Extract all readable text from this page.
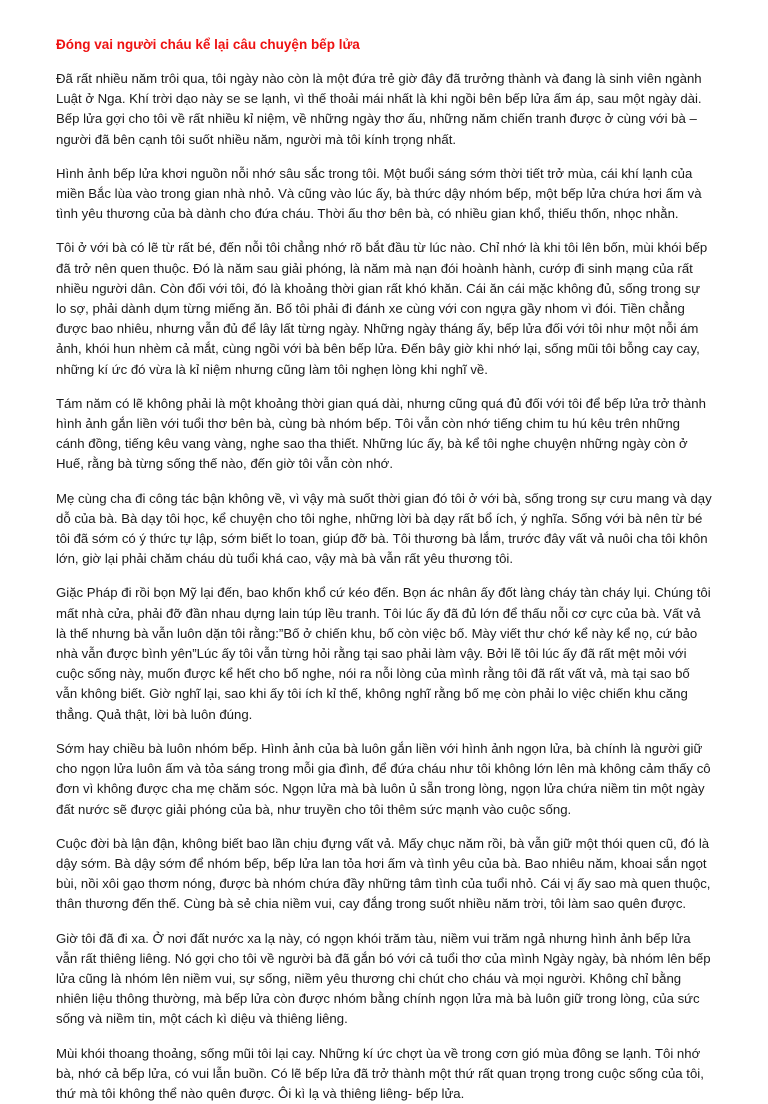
Đóng vai người cháu kể lại câu chuyện bếp lửa

Đã rất nhiều năm trôi qua, tôi ngày nào còn là một đứa trẻ giờ đây đã trưởng thành và đang là sinh viên ngành Luật ở Nga. Khí trời dạo này se se lạnh, vì thế thoải mái nhất là khi ngồi bên bếp lửa ấm áp, sau một ngày dài. Bếp lửa gợi cho tôi về rất nhiều kỉ niệm, về những ngày thơ ấu, những năm chiến tranh được ở cùng với bà – người đã bên cạnh tôi suốt nhiều năm, người mà tôi kính trọng nhất.

Hình ảnh bếp lửa khơi nguồn nỗi nhớ sâu sắc trong tôi. Một buổi sáng sớm thời tiết trở mùa, cái khí lạnh của miền Bắc lùa vào trong gian nhà nhỏ. Và cũng vào lúc ấy, bà thức dậy nhóm bếp, một bếp lửa chứa hơi ấm và tình yêu thương của bà dành cho đứa cháu. Thời ấu thơ bên bà, có nhiều gian khổ, thiếu thốn, nhọc nhằn.

Tôi ở với bà có lẽ từ rất bé, đến nỗi tôi chẳng nhớ rõ bắt đầu từ lúc nào. Chỉ nhớ là khi tôi lên bốn, mùi khói bếp đã trở nên quen thuộc. Đó là năm sau giải phóng, là năm mà nạn đói hoành hành, cướp đi sinh mạng của rất nhiều người dân. Còn đối với tôi, đó là khoảng thời gian rất khó khăn. Cái ăn cái mặc không đủ, sống trong sự lo sợ, phải dành dụm từng miếng ăn. Bố tôi phải đi đánh xe cùng với con ngựa gầy nhom vì đói. Tiền chẳng được bao nhiêu, nhưng vẫn đủ để lây lất từng ngày. Những ngày tháng ấy, bếp lửa đối với tôi như một nỗi ám ảnh, khói hun nhèm cả mắt, cùng ngồi với bà bên bếp lửa. Đến bây giờ khi nhớ lại, sống mũi tôi bỗng cay cay, những kí ức đó vừa là kỉ niệm nhưng cũng làm tôi nghẹn lòng khi nghĩ về.

Tám năm có lẽ không phải là một khoảng thời gian quá dài, nhưng cũng quá đủ đối với tôi để bếp lửa trở thành hình ảnh gắn liền với tuổi thơ bên bà, cùng bà nhóm bếp. Tôi vẫn còn nhớ tiếng chim tu hú kêu trên những cánh đồng, tiếng kêu vang vàng, nghe sao tha thiết. Những lúc ấy, bà kể tôi nghe chuyện những ngày còn ở Huế, rằng bà từng sống thế nào, đến giờ tôi vẫn còn nhớ.

Mẹ cùng cha đi công tác bận không về, vì vậy mà suốt thời gian đó tôi ở với bà, sống trong sự cưu mang và dạy dỗ của bà. Bà dạy tôi học, kể chuyện cho tôi nghe, những lời bà dạy rất bổ ích, ý nghĩa. Sống với bà nên từ bé tôi đã sớm có ý thức tự lập, sớm biết lo toan, giúp đỡ bà. Tôi thương bà lắm, trước đây vất vả nuôi cha tôi khôn lớn, giờ lại phải chăm cháu dù tuổi khá cao, vậy mà bà vẫn rất yêu thương tôi.

Giặc Pháp đi rồi bọn Mỹ lại đến, bao khốn khổ cứ kéo đến. Bọn ác nhân ấy đốt làng cháy tàn cháy lụi. Chúng tôi mất nhà cửa, phải đỡ đần nhau dựng lain túp lều tranh. Tôi lúc ấy đã đủ lớn để thấu nỗi cơ cực của bà. Vất vả là thế nhưng bà vẫn luôn dặn tôi rằng:”Bố ở chiến khu, bố còn việc bố. Mày viết thư chớ kể này kể nọ, cứ bảo nhà vẫn được bình yên”Lúc ấy tôi vẫn từng hỏi rằng tại sao phải làm vậy. Bởi lẽ tôi lúc ấy đã rất mệt mỏi với cuộc sống này, muốn được kể hết cho bố nghe, nói ra nỗi lòng của mình rằng tôi đã rất vất vả, mà tại sao bố vẫn không biết. Giờ nghĩ lại, sao khi ấy tôi ích kỉ thế, không nghĩ rằng bố mẹ còn phải lo việc chiến khu căng thẳng. Quả thật, lời bà luôn đúng.

Sớm hay chiều bà luôn nhóm bếp. Hình ảnh của bà luôn gắn liền với hình ảnh ngọn lửa, bà chính là người giữ cho ngọn lửa luôn ấm và tỏa sáng trong mỗi gia đình, để đứa cháu như tôi không lớn lên mà không cảm thấy cô đơn vì không được cha mẹ chăm sóc. Ngọn lửa mà bà luôn ủ sẵn trong lòng, ngọn lửa chứa niềm tin một ngày đất nước sẽ được giải phóng của bà, như truyền cho tôi thêm sức mạnh vào cuộc sống.

Cuộc đời bà lận đận, không biết bao lần chịu đựng vất vả. Mấy chục năm rồi, bà vẫn giữ một thói quen cũ, đó là dậy sớm. Bà dậy sớm để nhóm bếp, bếp lửa lan tỏa hơi ấm và tình yêu của bà. Bao nhiêu năm, khoai sắn ngọt bùi, nồi xôi gạo thơm nóng, được bà nhóm chứa đầy những tâm tình của tuổi nhỏ. Cái vị ấy sao mà quen thuộc, thân thương đến thế. Cùng bà sẻ chia niềm vui, cay đắng trong suốt nhiều năm trời, tôi làm sao quên được.

Giờ tôi đã đi xa. Ở nơi đất nước xa lạ này, có ngọn khói trăm tàu, niềm vui trăm ngả nhưng hình ảnh bếp lửa vẫn rất thiêng liêng. Nó gợi cho tôi về người bà đã gắn bó với cả tuổi thơ của mình Ngày ngày, bà nhóm lên bếp lửa cũng là nhóm lên niềm vui, sự sống, niềm yêu thương chi chút cho cháu và mọi người. Không chỉ bằng nhiên liệu thông thường, mà bếp lửa còn được nhóm bằng chính ngọn lửa mà bà luôn giữ trong lòng, của sức sống và niềm tin, một cách kì diệu và thiêng liêng.

Mùi khói thoang thoảng, sống mũi tôi lại cay. Những kí ức chợt ùa về trong cơn gió mùa đông se lạnh. Tôi nhớ bà, nhớ cả bếp lửa, có vui lẫn buồn. Có lẽ bếp lửa đã trở thành một thứ rất quan trọng trong cuộc sống của tôi, thứ mà tôi không thể nào quên được. Ôi kì lạ và thiêng liêng- bếp lửa.
